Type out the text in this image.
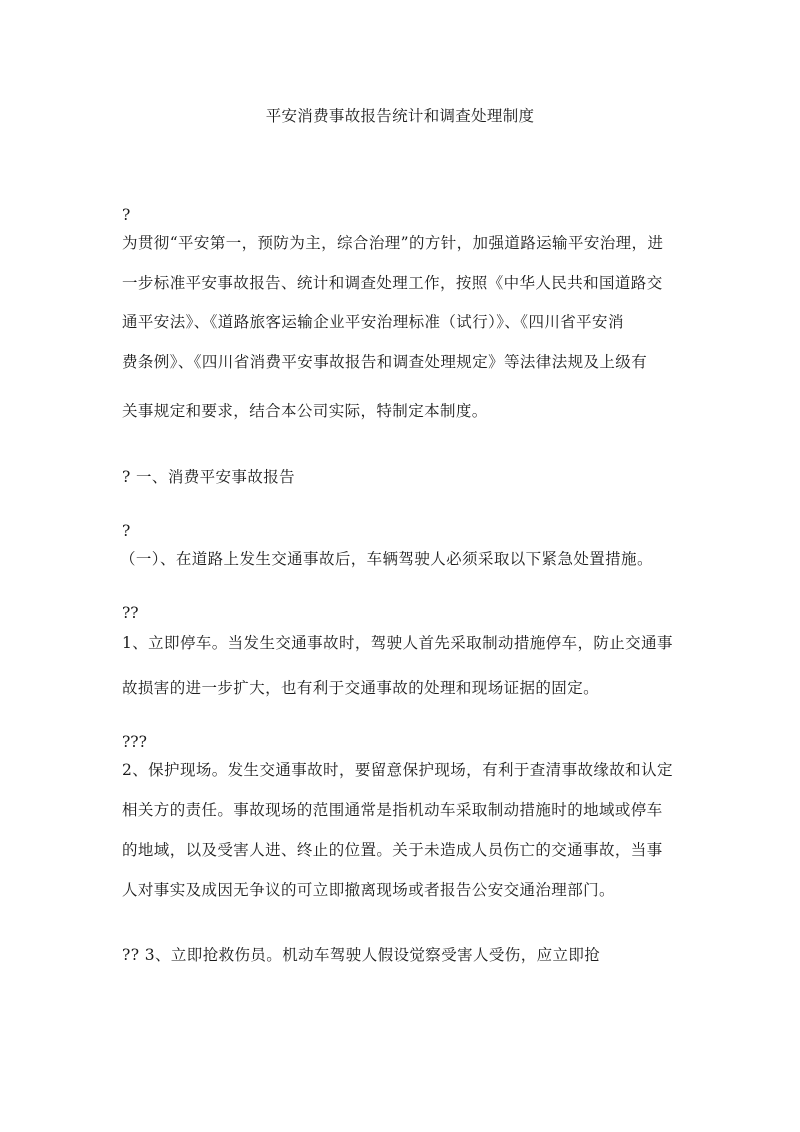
平安消费事故报告统计和调查处理制度
?
为贯彻“平安第一，预防为主，综合治理”的方针，加强道路运输平安治理，进
一步标准平安事故报告、统计和调查处理工作，按照《中华人民共和国道路交
通平安法》、《道路旅客运输企业平安治理标准（试行）》、《四川省平安消
费条例》、《四川省消费平安事故报告和调查处理规定》等法律法规及上级有
关事规定和要求，结合本公司实际，特制定本制度。
? 一、消费平安事故报告
?
（一）、在道路上发生交通事故后，车辆驾驶人必须采取以下紧急处置措施。
??
1、立即停车。当发生交通事故时，驾驶人首先采取制动措施停车，防止交通事
故损害的进一步扩大，也有利于交通事故的处理和现场证据的固定。
???
2、保护现场。发生交通事故时，要留意保护现场，有利于查清事故缘故和认定
相关方的责任。事故现场的范围通常是指机动车采取制动措施时的地域或停车
的地域，以及受害人进、终止的位置。关于未造成人员伤亡的交通事故，当事
人对事实及成因无争议的可立即撤离现场或者报告公安交通治理部门。
?? 3、立即抢救伤员。机动车驾驶人假设觉察受害人受伤，应立即抢
